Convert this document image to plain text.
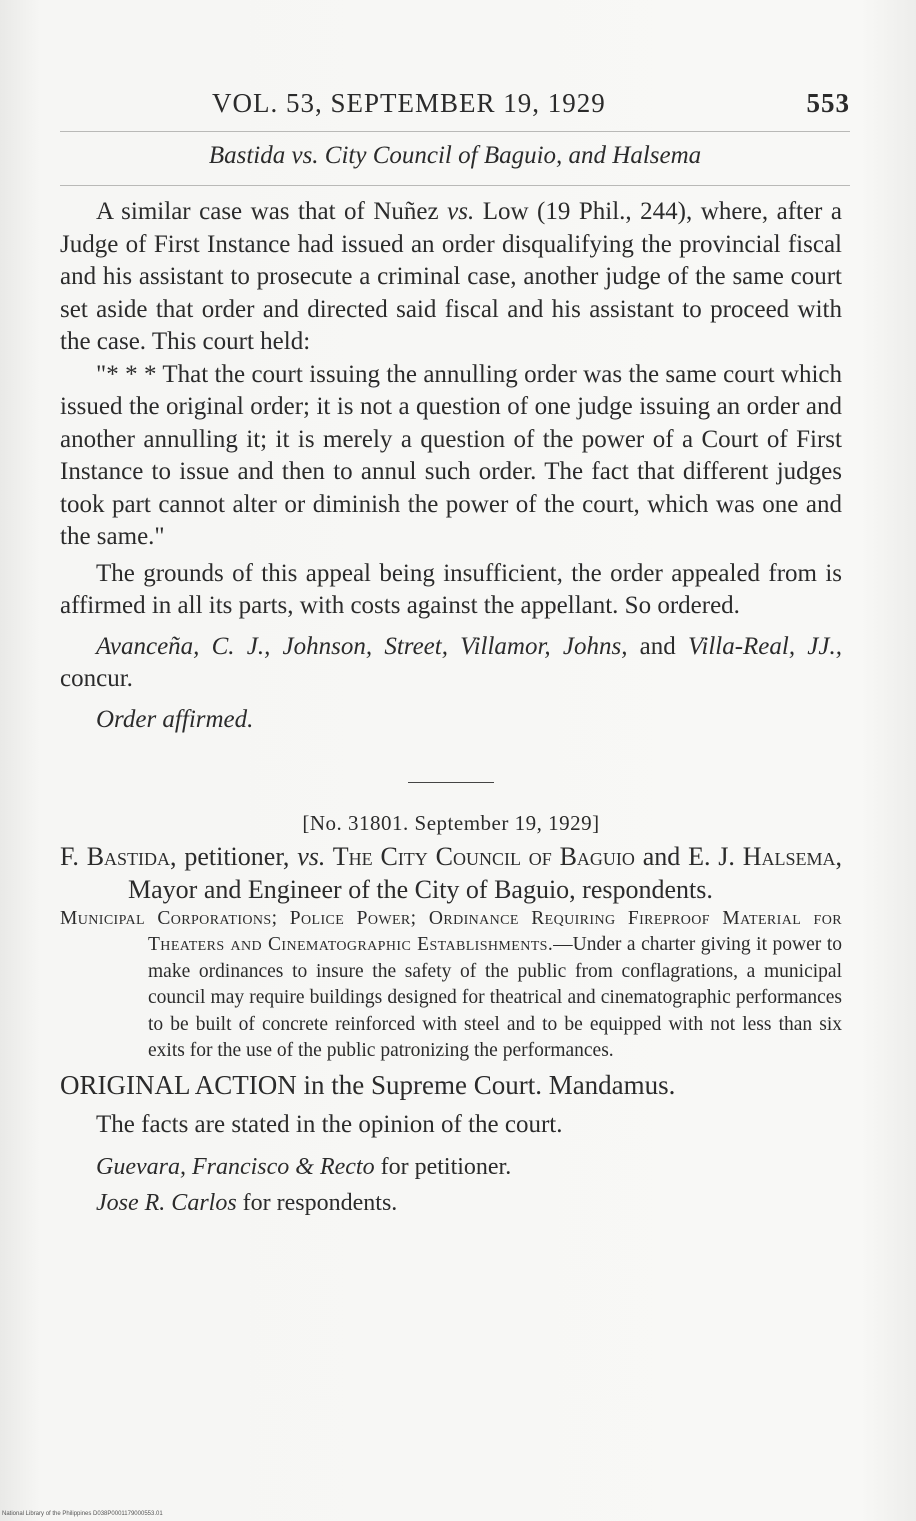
VOL. 53, SEPTEMBER 19, 1929	553
Bastida vs. City Council of Baguio, and Halsema

A similar case was that of Nuñez vs. Low (19 Phil., 244), where, after a Judge of First Instance had issued an order disqualifying the provincial fiscal and his assistant to prosecute a criminal case, another judge of the same court set aside that order and directed said fiscal and his assistant to proceed with the case. This court held:

"* * * That the court issuing the annulling order was the same court which issued the original order; it is not a question of one judge issuing an order and another annulling it; it is merely a question of the power of a Court of First Instance to issue and then to annul such order. The fact that different judges took part cannot alter or diminish the power of the court, which was one and the same."

The grounds of this appeal being insufficient, the order appealed from is affirmed in all its parts, with costs against the appellant. So ordered.

Avanceña, C. J., Johnson, Street, Villamor, Johns, and Villa-Real, JJ., concur.

Order affirmed.

[No. 31801. September 19, 1929]

F. Bastida, petitioner, vs. The City Council of Baguio and E. J. Halsema, Mayor and Engineer of the City of Baguio, respondents.

Municipal Corporations; Police Power; Ordinance Requiring Fireproof Material for Theaters and Cinematographic Establishments.—Under a charter giving it power to make ordinances to insure the safety of the public from conflagrations, a municipal council may require buildings designed for theatrical and cinematographic performances to be built of concrete reinforced with steel and to be equipped with not less than six exits for the use of the public patronizing the performances.

ORIGINAL ACTION in the Supreme Court. Mandamus.

The facts are stated in the opinion of the court.

Guevara, Francisco & Recto for petitioner.

Jose R. Carlos for respondents.

National Library of the Philippines D038P0001179000553.01
